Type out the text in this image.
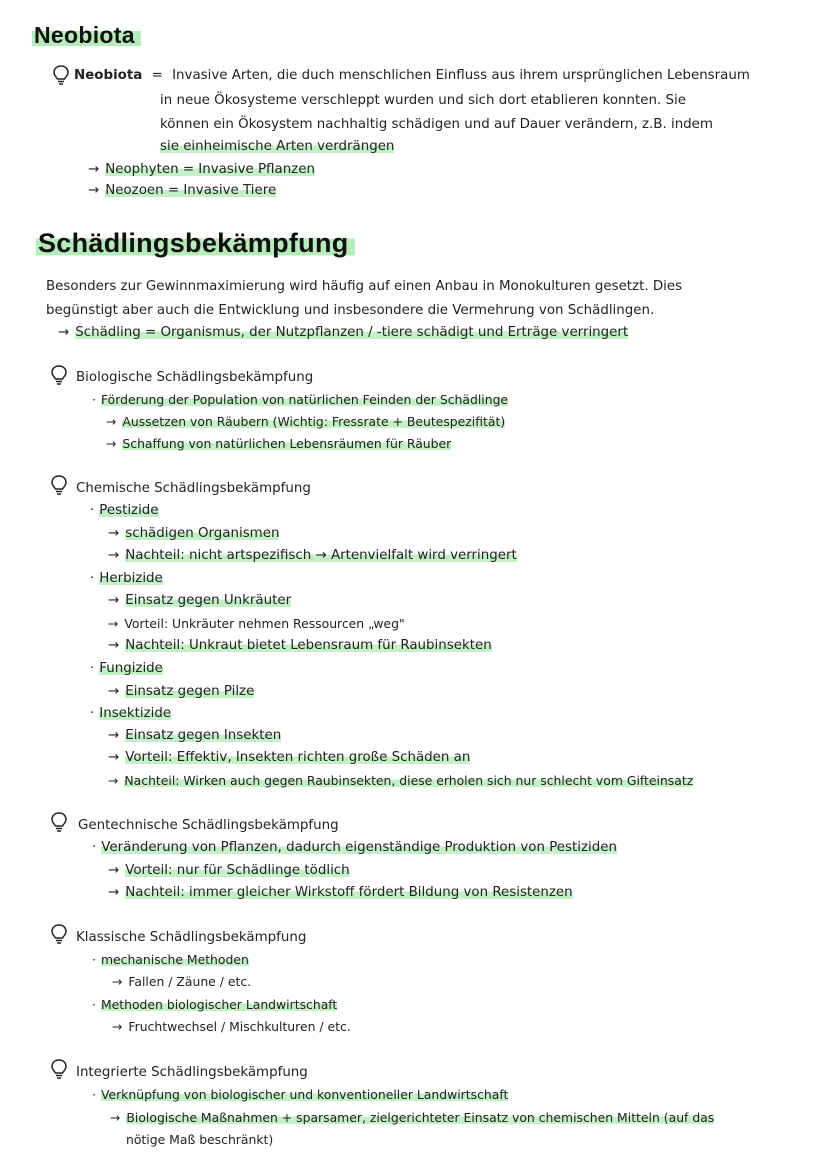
Neobiota
Neobiota = Invasive Arten, die duch menschlichen Einfluss aus ihrem ursprünglichen Lebensraum
in neue Ökosysteme verschleppt wurden und sich dort etablieren konnten. Sie
können ein Ökosystem nachhaltig schädigen und auf Dauer verändern, z.B. indem
sie einheimische Arten verdrängen
→ Neophyten = Invasive Pflanzen
→ Neozoen = Invasive Tiere
Schädlingsbekämpfung
Besonders zur Gewinnmaximierung wird häufig auf einen Anbau in Monokulturen gesetzt. Dies
begünstigt aber auch die Entwicklung und insbesondere die Vermehrung von Schädlingen.
→ Schädling = Organismus, der Nutzpflanzen / -tiere schädigt und Erträge verringert
Biologische Schädlingsbekämpfung
· Förderung der Population von natürlichen Feinden der Schädlinge
→ Aussetzen von Räubern (Wichtig: Fressrate + Beutespezifität)
→ Schaffung von natürlichen Lebensräumen für Räuber
Chemische Schädlingsbekämpfung
· Pestizide
→ schädigen Organismen
→ Nachteil: nicht artspezifisch → Artenvielfalt wird verringert
· Herbizide
→ Einsatz gegen Unkräuter
→ Vorteil: Unkräuter nehmen Ressourcen „weg"
→ Nachteil: Unkraut bietet Lebensraum für Raubinsekten
· Fungizide
→ Einsatz gegen Pilze
· Insektizide
→ Einsatz gegen Insekten
→ Vorteil: Effektiv, Insekten richten große Schäden an
→ Nachteil: Wirken auch gegen Raubinsekten, diese erholen sich nur schlecht vom Gifteinsatz
Gentechnische Schädlingsbekämpfung
· Veränderung von Pflanzen, dadurch eigenständige Produktion von Pestiziden
→ Vorteil: nur für Schädlinge tödlich
→ Nachteil: immer gleicher Wirkstoff fördert Bildung von Resistenzen
Klassische Schädlingsbekämpfung
· mechanische Methoden
→ Fallen / Zäune / etc.
· Methoden biologischer Landwirtschaft
→ Fruchtwechsel / Mischkulturen / etc.
Integrierte Schädlingsbekämpfung
· Verknüpfung von biologischer und konventioneller Landwirtschaft
→ Biologische Maßnahmen + sparsamer, zielgerichteter Einsatz von chemischen Mitteln (auf das
nötige Maß beschränkt)
